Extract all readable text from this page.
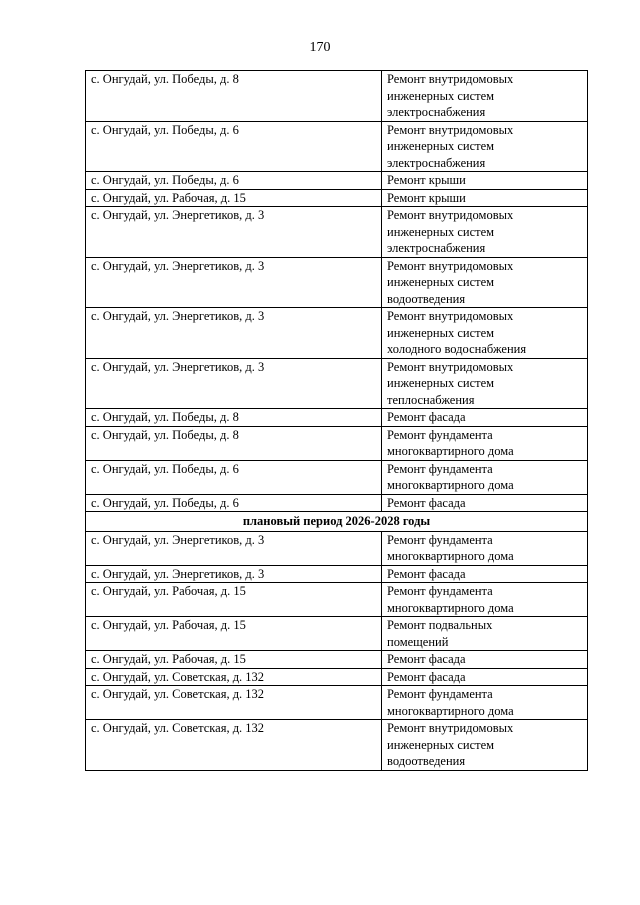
170
с. Онгудай, ул. Победы, д. 8	Ремонт внутридомовых
инженерных систем
электроснабжения

с. Онгудай, ул. Победы, д. 6	Ремонт внутридомовых
инженерных систем
электроснабжения

с. Онгудай, ул. Победы, д. 6	Ремонт крыши

с. Онгудай, ул. Рабочая, д. 15	Ремонт крыши

с. Онгудай, ул. Энергетиков, д. 3	Ремонт внутридомовых
инженерных систем
электроснабжения

с. Онгудай, ул. Энергетиков, д. 3	Ремонт внутридомовых
инженерных систем
водоотведения

с. Онгудай, ул. Энергетиков, д. 3	Ремонт внутридомовых
инженерных систем
холодного водоснабжения

с. Онгудай, ул. Энергетиков, д. 3	Ремонт внутридомовых
инженерных систем
теплоснабжения

с. Онгудай, ул. Победы, д. 8	Ремонт фасада

с. Онгудай, ул. Победы, д. 8	Ремонт фундамента
многоквартирного дома

с. Онгудай, ул. Победы, д. 6	Ремонт фундамента
многоквартирного дома

с. Онгудай, ул. Победы, д. 6	Ремонт фасада

плановый период 2026-2028 годы	

с. Онгудай, ул. Энергетиков, д. 3	Ремонт фундамента
многоквартирного дома

с. Онгудай, ул. Энергетиков, д. 3	Ремонт фасада

с. Онгудай, ул. Рабочая, д. 15	Ремонт фундамента
многоквартирного дома

с. Онгудай, ул. Рабочая, д. 15	Ремонт подвальных
помещений

с. Онгудай, ул. Рабочая, д. 15	Ремонт фасада

с. Онгудай, ул. Советская, д. 132	Ремонт фасада

с. Онгудай, ул. Советская, д. 132	Ремонт фундамента
многоквартирного дома

с. Онгудай, ул. Советская, д. 132	Ремонт внутридомовых
инженерных систем
водоотведения
